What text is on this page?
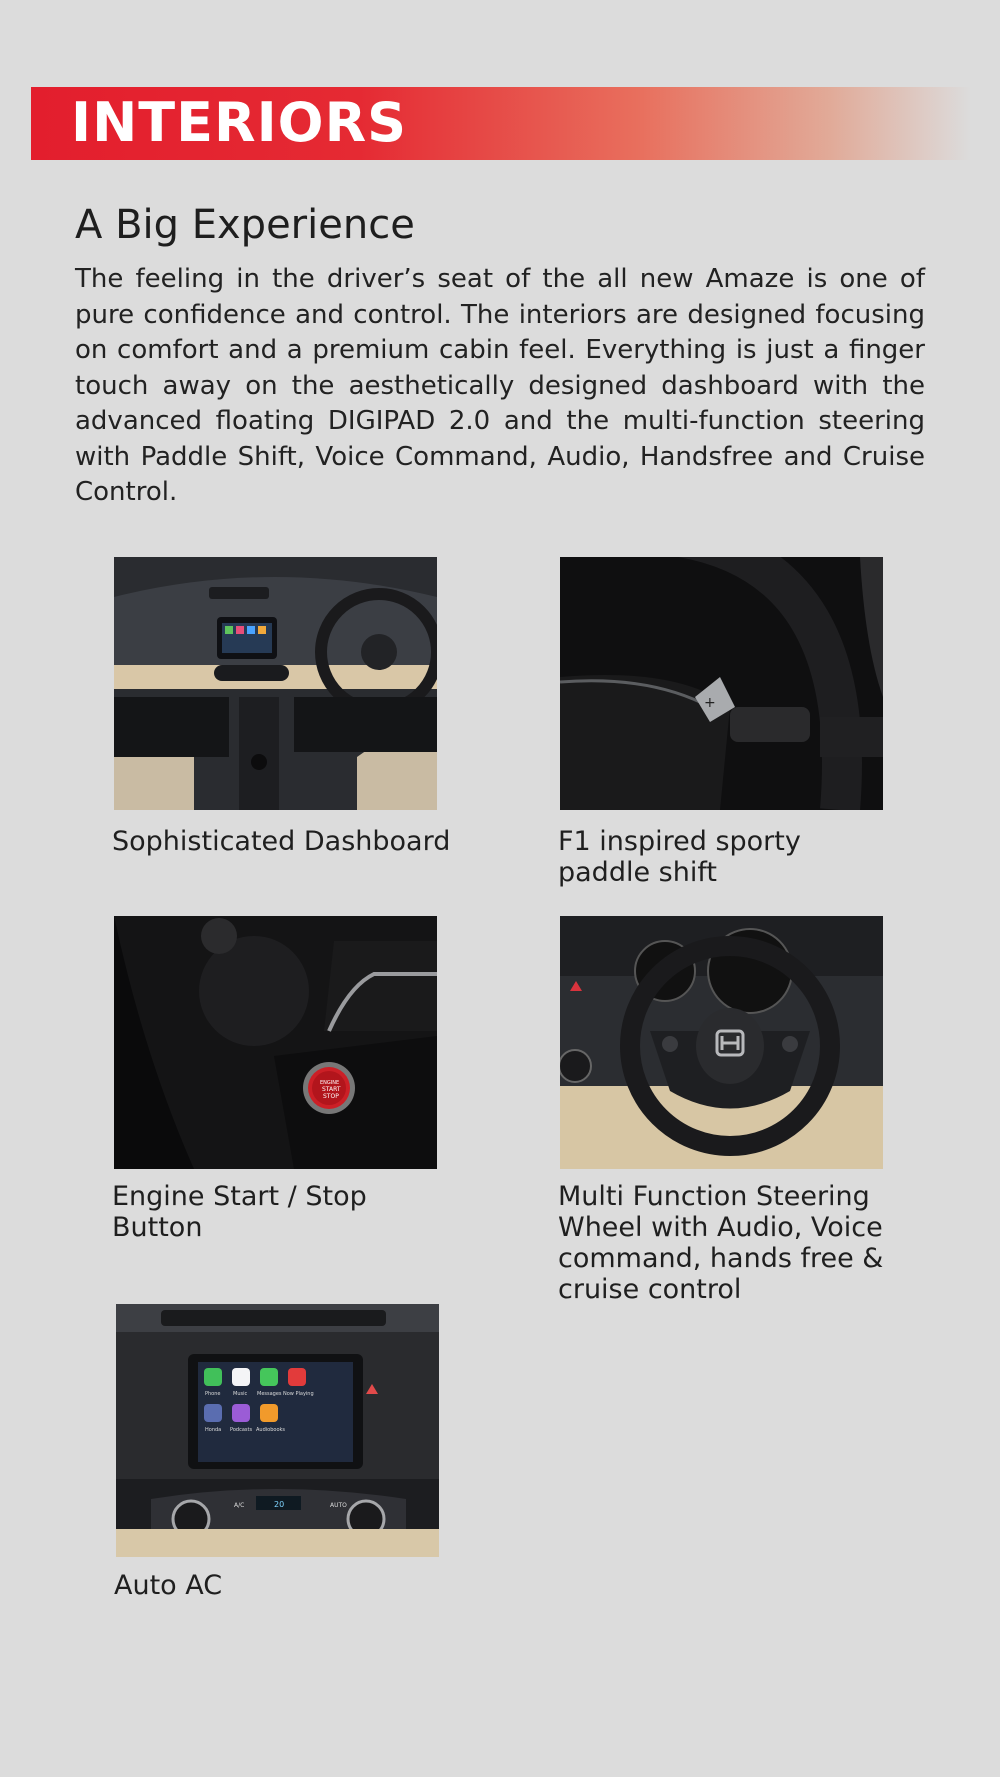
INTERIORS
A Big Experience
The feeling in the driver’s seat of the all new Amaze is one of pure confidence and control. The interiors are designed focusing on comfort and a premium cabin feel. Everything is just a finger touch away on the aesthetically designed dashboard with the advanced floating DIGIPAD 2.0 and the multi-function steering with Paddle Shift, Voice Command, Audio, Handsfree and Cruise Control.
Sophisticated Dashboard
+
F1 inspired sporty paddle shift
ENGINE
START
STOP
Engine Start / Stop Button
Multi Function Steering Wheel with Audio, Voice command, hands free & cruise control
Phone	Music Messages Now Playing
Honda Podcasts Audiobooks
A/C	AUTO
20
Auto AC
